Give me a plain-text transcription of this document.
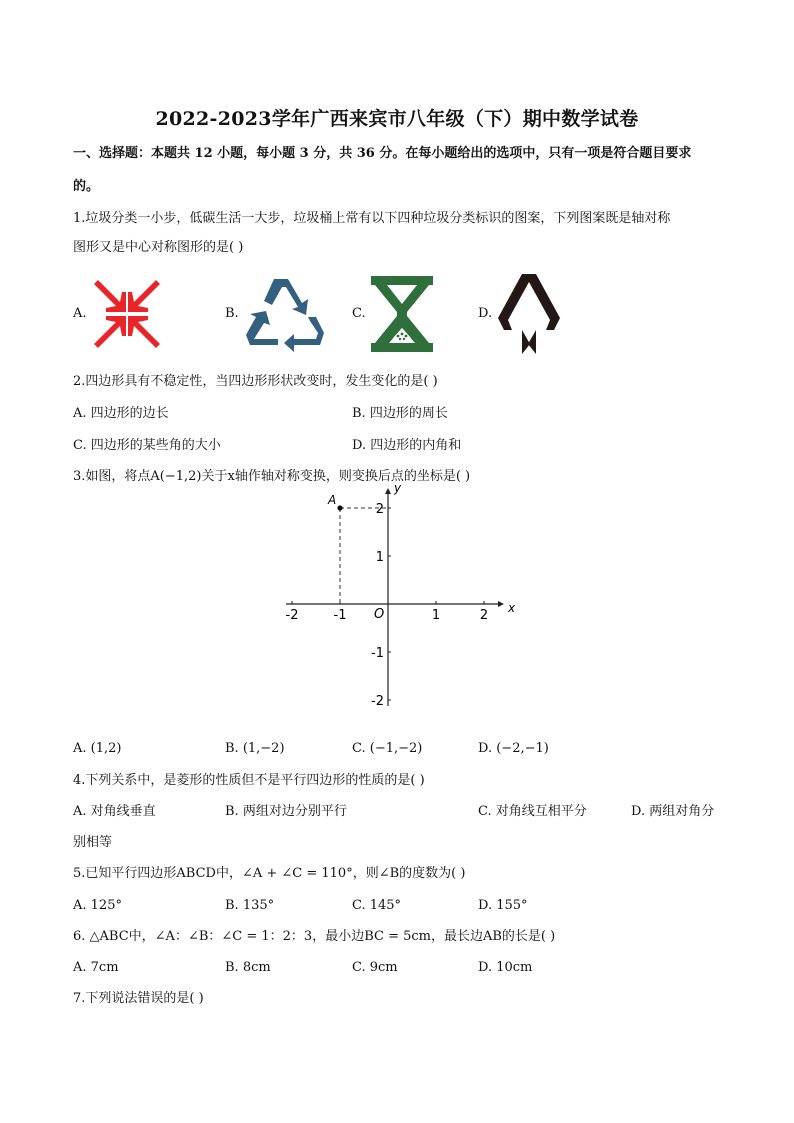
2022-2023学年广西来宾市八年级（下）期中数学试卷
一、选择题：本题共 12 小题，每小题 3 分，共 36 分。在每小题给出的选项中，只有一项是符合题目要求
的。
1.垃圾分类一小步，低碳生活一大步，垃圾桶上常有以下四种垃圾分类标识的图案，下列图案既是轴对称
图形又是中心对称图形的是( )
A.	B.	C.	D.
2.四边形具有不稳定性，当四边形形状改变时，发生变化的是( )
A. 四边形的边长	B. 四边形的周长
C. 四边形的某些角的大小	D. 四边形的内角和
3.如图，将点A(−1,2)关于x轴作轴对称变换，则变换后点的坐标是( )
-2	-1	1	2
2
1
-1
-2
x
y
O
A
A. (1,2)	B. (1,−2)	C. (−1,−2)	D. (−2,−1)
4.下列关系中，是菱形的性质但不是平行四边形的性质的是( )
A. 对角线垂直	B. 两组对边分别平行	C. 对角线互相平分	D. 两组对角分
别相等
5.已知平行四边形ABCD中，∠A + ∠C = 110°，则∠B的度数为( )
A. 125°	B. 135°	C. 145°	D. 155°
6. △ABC中，∠A：∠B：∠C = 1：2：3，最小边BC = 5cm，最长边AB的长是( )
A. 7cm	B. 8cm	C. 9cm	D. 10cm
7.下列说法错误的是( )
